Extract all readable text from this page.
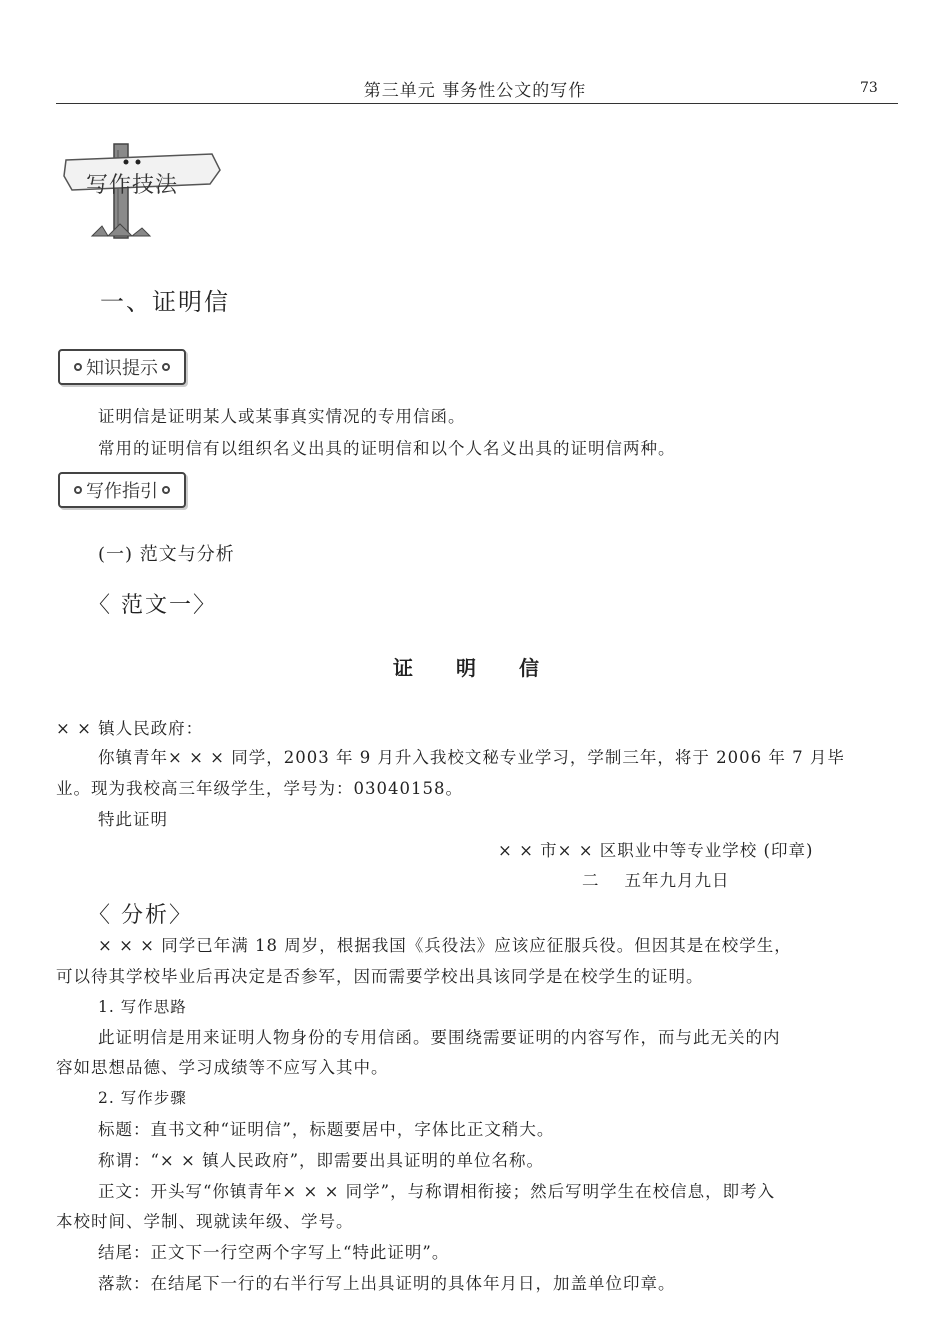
第三单元 事务性公文的写作	73
写作技法
一、证明信
知识提示
证明信是证明某人或某事真实情况的专用信函。
常用的证明信有以组织名义出具的证明信和以个人名义出具的证明信两种。
写作指引
(一) 范文与分析
〈 范文一〉
证 明 信
× × 镇人民政府：
你镇青年× × × 同学，2003 年 9 月升入我校文秘专业学习，学制三年，将于 2006 年 7 月毕
业。现为我校高三年级学生，学号为：03040158。
特此证明
× × 市× × 区职业中等专业学校 (印章)
二    五年九月九日
〈 分析〉
× × × 同学已年满 18 周岁，根据我国《兵役法》应该应征服兵役。但因其是在校学生，
可以待其学校毕业后再决定是否参军，因而需要学校出具该同学是在校学生的证明。
1. 写作思路
此证明信是用来证明人物身份的专用信函。要围绕需要证明的内容写作，而与此无关的内
容如思想品德、学习成绩等不应写入其中。
2. 写作步骤
标题：直书文种“证明信”，标题要居中，字体比正文稍大。
称谓：“× × 镇人民政府”，即需要出具证明的单位名称。
正文：开头写“你镇青年× × × 同学”，与称谓相衔接；然后写明学生在校信息，即考入
本校时间、学制、现就读年级、学号。
结尾：正文下一行空两个字写上“特此证明”。
落款：在结尾下一行的右半行写上出具证明的具体年月日，加盖单位印章。
